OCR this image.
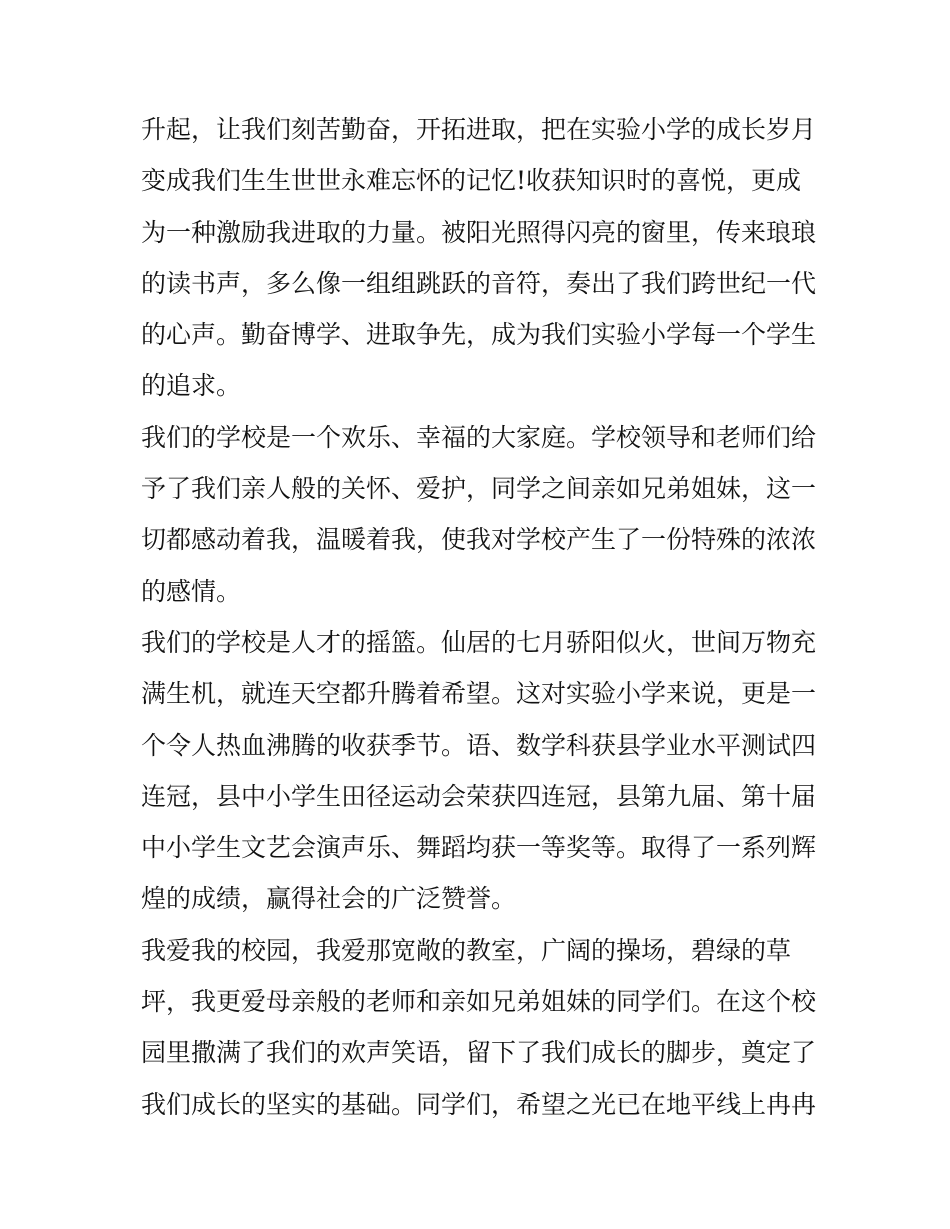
升起，让我们刻苦勤奋，开拓进取，把在实验小学的成长岁月
变成我们生生世世永难忘怀的记忆!收获知识时的喜悦，更成
为一种激励我进取的力量。被阳光照得闪亮的窗里，传来琅琅
的读书声，多么像一组组跳跃的音符，奏出了我们跨世纪一代
的心声。勤奋博学、进取争先，成为我们实验小学每一个学生
的追求。
我们的学校是一个欢乐、幸福的大家庭。学校领导和老师们给
予了我们亲人般的关怀、爱护，同学之间亲如兄弟姐妹，这一
切都感动着我，温暖着我，使我对学校产生了一份特殊的浓浓
的感情。
我们的学校是人才的摇篮。仙居的七月骄阳似火，世间万物充
满生机，就连天空都升腾着希望。这对实验小学来说，更是一
个令人热血沸腾的收获季节。语、数学科获县学业水平测试四
连冠，县中小学生田径运动会荣获四连冠，县第九届、第十届
中小学生文艺会演声乐、舞蹈均获一等奖等。取得了一系列辉
煌的成绩，赢得社会的广泛赞誉。
我爱我的校园，我爱那宽敞的教室，广阔的操场，碧绿的草
坪，我更爱母亲般的老师和亲如兄弟姐妹的同学们。在这个校
园里撒满了我们的欢声笑语，留下了我们成长的脚步，奠定了
我们成长的坚实的基础。同学们，希望之光已在地平线上冉冉
